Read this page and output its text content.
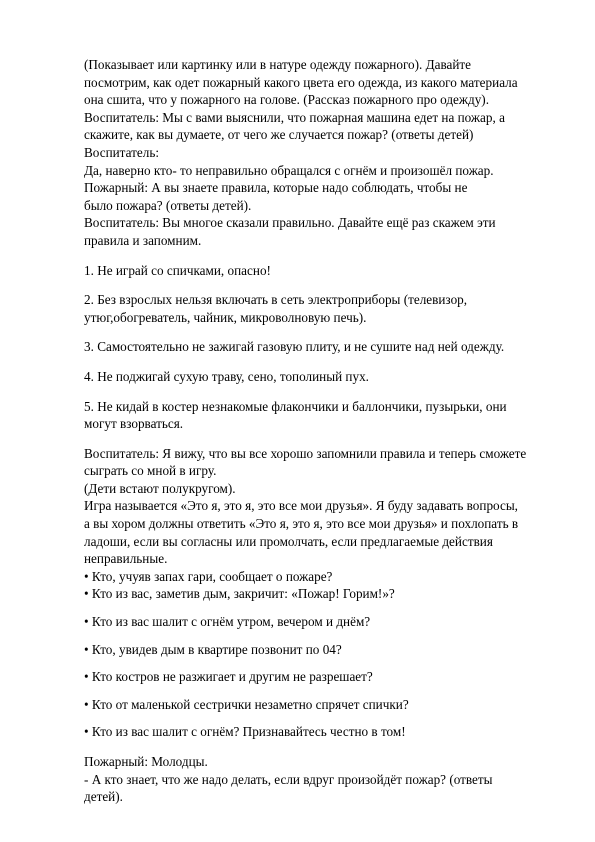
(Показывает или картинку или в натуре одежду пожарного). Давайте
посмотрим, как одет пожарный какого цвета его одежда, из какого материала
она сшита, что у пожарного на голове. (Рассказ пожарного про одежду).
Воспитатель: Мы с вами выяснили, что пожарная машина едет на пожар, а
скажите, как вы думаете, от чего же случается пожар? (ответы детей)
Воспитатель:
Да, наверно кто- то неправильно обращался с огнём и произошёл пожар.
Пожарный: А вы знаете правила, которые надо соблюдать, чтобы не
было пожара? (ответы детей).
Воспитатель: Вы многое сказали правильно. Давайте ещё раз скажем эти
правила и запомним.
1. Не играй со спичками, опасно!
2. Без взрослых нельзя включать в сеть электроприборы (телевизор,
утюг,обогреватель, чайник, микроволновую печь).
3. Самостоятельно не зажигай газовую плиту, и не сушите над ней одежду.
4. Не поджигай сухую траву, сено, тополиный пух.
5. Не кидай в костер незнакомые флакончики и баллончики, пузырьки, они
могут взорваться.
Воспитатель: Я вижу, что вы все хорошо запомнили правила и теперь сможете
сыграть со мной в игру.
(Дети встают полукругом).
Игра называется «Это я, это я, это все мои друзья». Я буду задавать вопросы,
а вы хором должны ответить «Это я, это я, это все мои друзья» и похлопать в
ладоши, если вы согласны или промолчать, если предлагаемые действия
неправильные.
• Кто, учуяв запах гари, сообщает о пожаре?
• Кто из вас, заметив дым, закричит: «Пожар! Горим!»?
• Кто из вас шалит с огнём утром, вечером и днём?
• Кто, увидев дым в квартире позвонит по 04?
• Кто костров не разжигает и другим не разрешает?
• Кто от маленькой сестрички незаметно спрячет спички?
• Кто из вас шалит с огнём? Признавайтесь честно в том!
Пожарный: Молодцы.
- А кто знает, что же надо делать, если вдруг произойдёт пожар? (ответы
детей).
